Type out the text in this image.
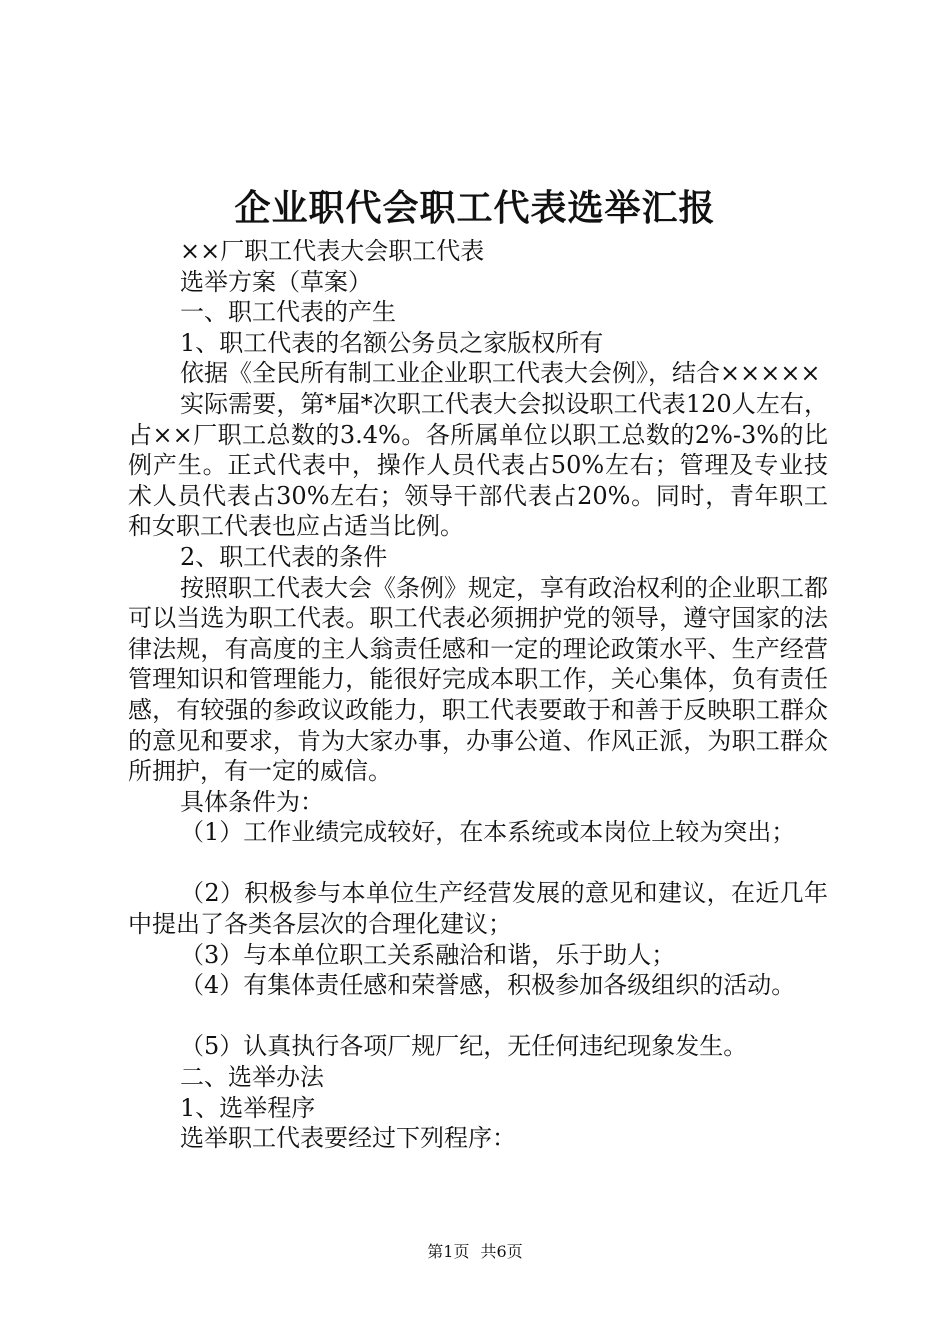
企业职代会职工代表选举汇报

××厂职工代表大会职工代表

选举方案（草案）

一、职工代表的产生

1、职工代表的名额公务员之家版权所有

依据《全民所有制工业企业职工代表大会例》，结合×××××

实际需要，第*届*次职工代表大会拟设职工代表120人左右，占××厂职工总数的3.4%。各所属单位以职工总数的2%-3%的比例产生。正式代表中，操作人员代表占50%左右；管理及专业技术人员代表占30%左右；领导干部代表占20%。同时，青年职工和女职工代表也应占适当比例。

2、职工代表的条件

按照职工代表大会《条例》规定，享有政治权利的企业职工都可以当选为职工代表。职工代表必须拥护党的领导，遵守国家的法律法规，有高度的主人翁责任感和一定的理论政策水平、生产经营管理知识和管理能力，能很好完成本职工作，关心集体，负有责任感，有较强的参政议政能力，职工代表要敢于和善于反映职工群众的意见和要求，肯为大家办事，办事公道、作风正派，为职工群众所拥护，有一定的威信。

具体条件为：

（1）工作业绩完成较好，在本系统或本岗位上较为突出；

（2）积极参与本单位生产经营发展的意见和建议，在近几年中提出了各类各层次的合理化建议；

（3）与本单位职工关系融洽和谐，乐于助人；

（4）有集体责任感和荣誉感，积极参加各级组织的活动。

（5）认真执行各项厂规厂纪，无任何违纪现象发生。

二、选举办法

1、选举程序

选举职工代表要经过下列程序：

第1页 共6页
